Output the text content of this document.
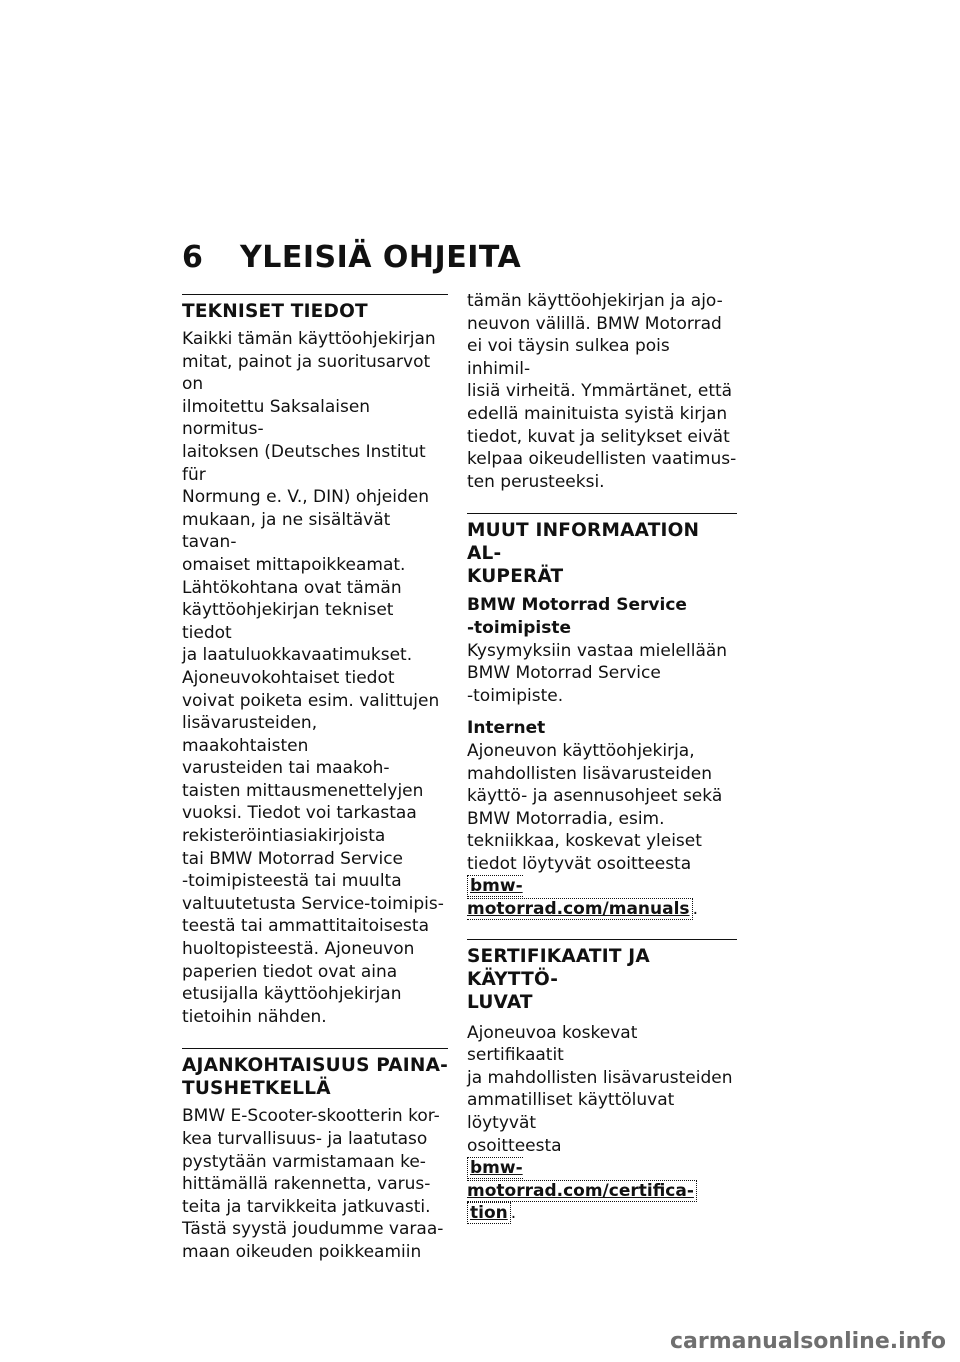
6 YLEISIÄ OHJEITA
TEKNISET TIEDOT

Kaikki tämän käyttöohjekirjan

mitat, painot ja suoritusarvot on

ilmoitettu Saksalaisen normitus-

laitoksen (Deutsches Institut für

Normung e. V., DIN) ohjeiden

mukaan, ja ne sisältävät tavan-

omaiset mittapoikkeamat.

Lähtökohtana ovat tämän

käyttöohjekirjan tekniset tiedot

ja laatuluokkavaatimukset.

Ajoneuvokohtaiset tiedot

voivat poiketa esim. valittujen

lisävarusteiden, maakohtaisten

varusteiden tai maakoh-

taisten mittausmenettelyjen

vuoksi. Tiedot voi tarkastaa

rekisteröintiasiakirjoista

tai BMW Motorrad Service

-toimipisteestä tai muulta

valtuutetusta Service-toimipis-

teestä tai ammattitaitoisesta

huoltopisteestä. Ajoneuvon

paperien tiedot ovat aina

etusijalla käyttöohjekirjan

tietoihin nähden.

AJANKOHTAISUUS PAINA-
TUSHETKELLÄ

BMW E-Scooter-skootterin kor-

kea turvallisuus- ja laatutaso

pystytään varmistamaan ke-

hittämällä rakennetta, varus-

teita ja tarvikkeita jatkuvasti.

Tästä syystä joudumme varaa-

maan oikeuden poikkeamiin

tämän käyttöohjekirjan ja ajo-

neuvon välillä. BMW Motorrad

ei voi täysin sulkea pois inhimil-

lisiä virheitä. Ymmärtänet, että

edellä mainituista syistä kirjan

tiedot, kuvat ja selitykset eivät

kelpaa oikeudellisten vaatimus-

ten perusteeksi.

MUUT INFORMAATION AL-
KUPERÄT
BMW Motorrad Service
-toimipiste

Kysymyksiin vastaa mielellään

BMW Motorrad Service

-toimipiste.

Internet

Ajoneuvon käyttöohjekirja,

mahdollisten lisävarusteiden

käyttö- ja asennusohjeet sekä

BMW Motorradia, esim.

tekniikkaa, koskevat yleiset

tiedot löytyvät osoitteesta

bmw-motorrad.com/manuals .

SERTIFIKAATIT JA KÄYTTÖ-
LUVAT

Ajoneuvoa koskevat sertifikaatit

ja mahdollisten lisävarusteiden

ammatilliset käyttöluvat löytyvät

osoitteesta

bmw-motorrad.com/certifica-

tion .

carmanualsonline.info
